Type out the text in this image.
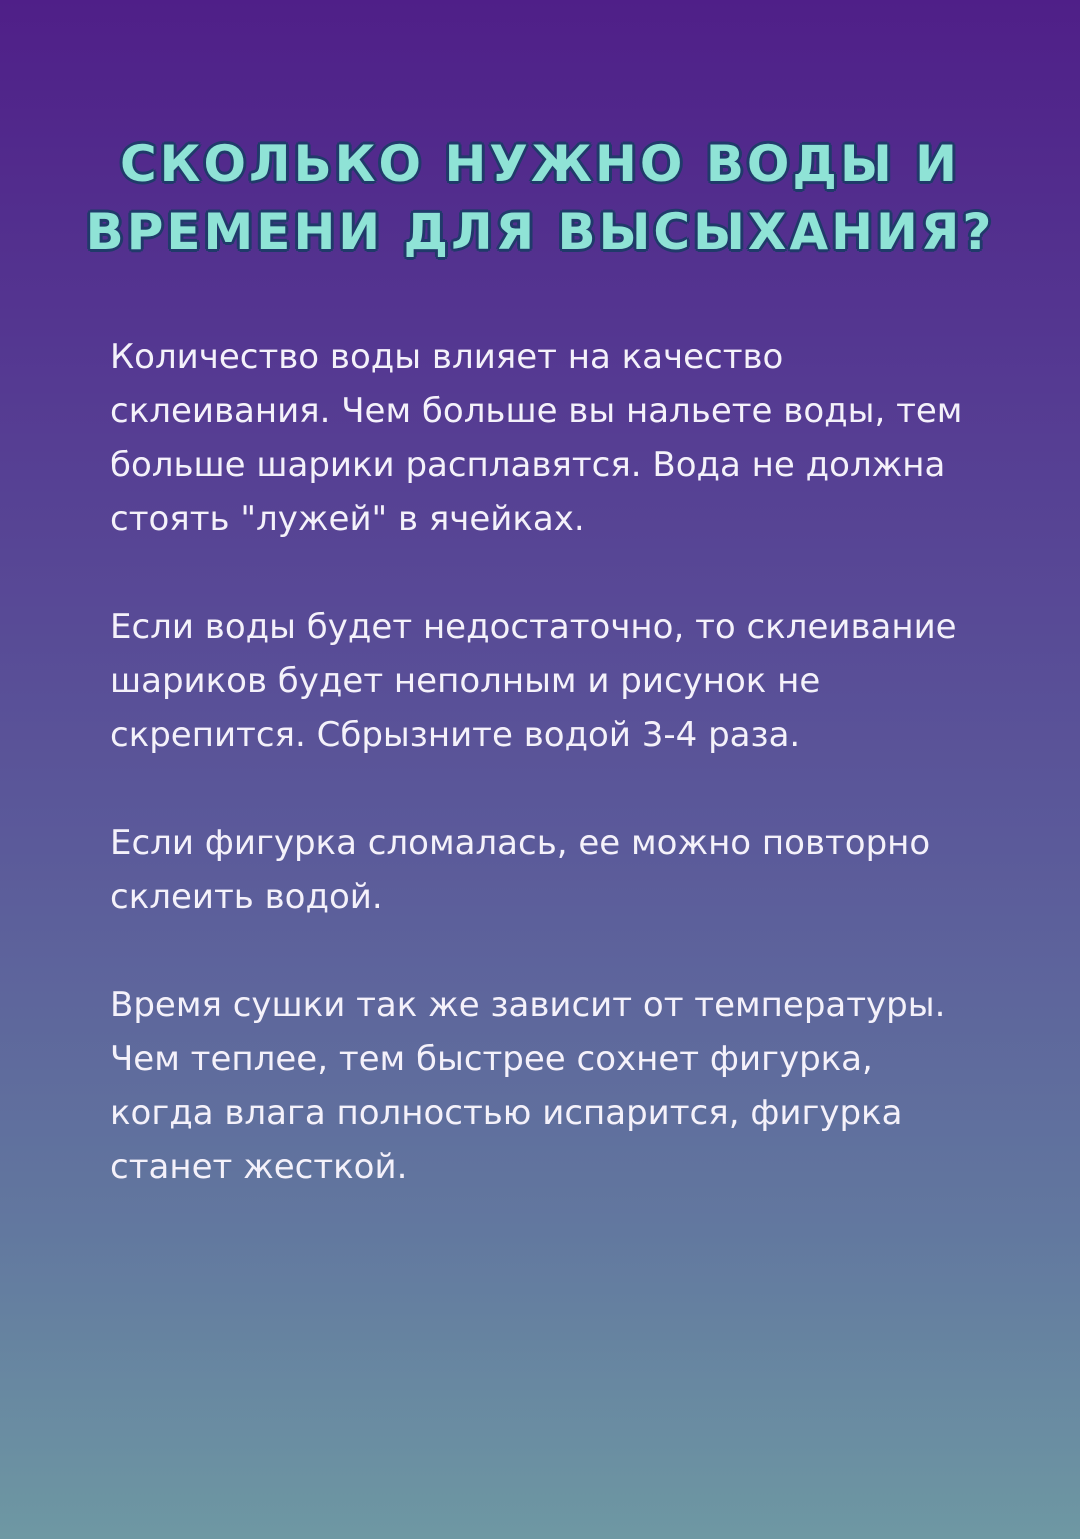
СКОЛЬКО НУЖНО ВОДЫ И
ВРЕМЕНИ ДЛЯ ВЫСЫХАНИЯ?

Количество воды влияет на качество склеивания. Чем больше вы нальете воды, тем больше шарики расплавятся. Вода не должна стоять "лужей" в ячейках.

Если воды будет недостаточно, то склеивание шариков будет неполным и рисунок не скрепится. Сбрызните водой 3-4 раза.

Если фигурка сломалась, ее можно повторно склеить водой.

Время сушки так же зависит от температуры. Чем теплее, тем быстрее сохнет фигурка, когда влага полностью испарится, фигурка станет жесткой.
